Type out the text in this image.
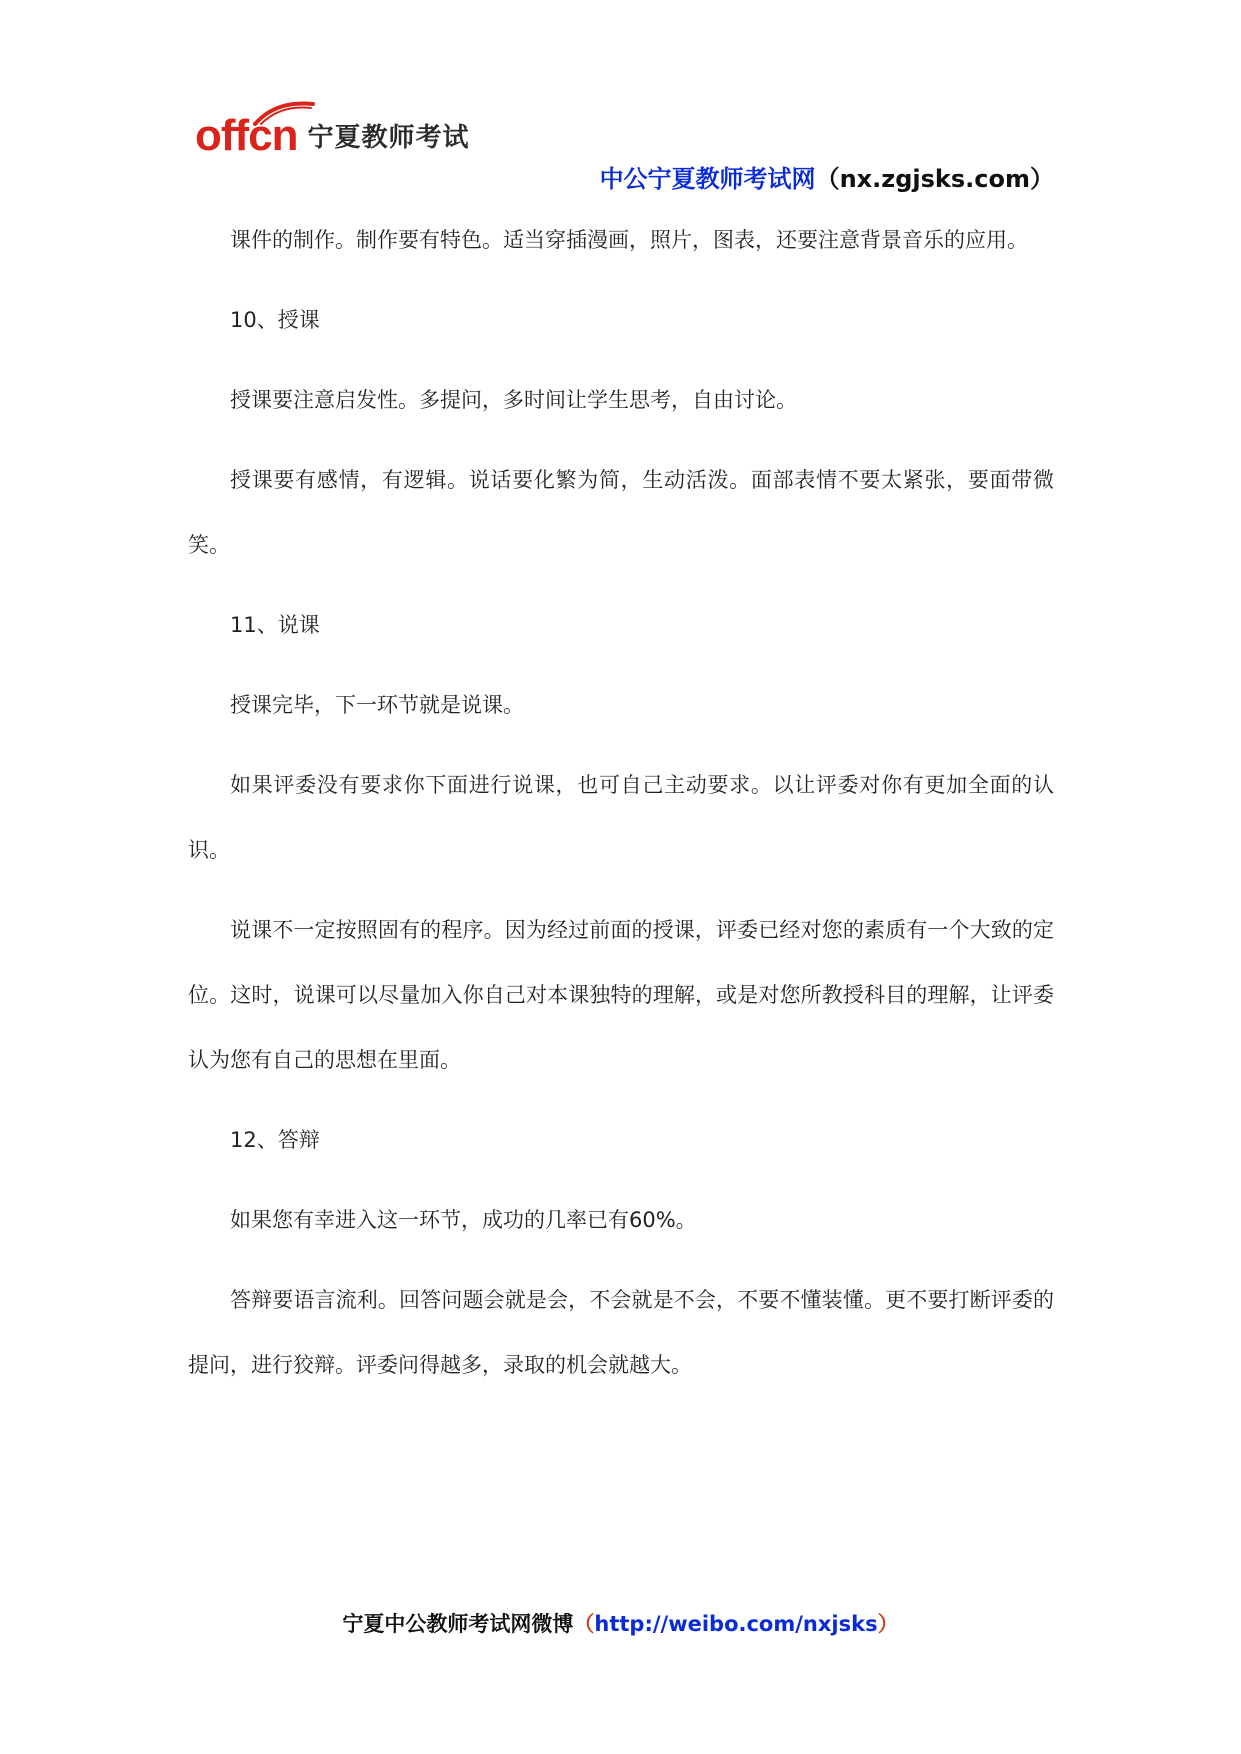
offcn 宁夏教师考试
中公宁夏教师考试网（nx.zgjsks.com）

课件的制作。制作要有特色。适当穿插漫画，照片，图表，还要注意背景音乐的应用。

10、授课

授课要注意启发性。多提问，多时间让学生思考，自由讨论。

授课要有感情，有逻辑。说话要化繁为简，生动活泼。面部表情不要太紧张，要面带微笑。

11、说课

授课完毕，下一环节就是说课。

如果评委没有要求你下面进行说课，也可自己主动要求。以让评委对你有更加全面的认识。

说课不一定按照固有的程序。因为经过前面的授课，评委已经对您的素质有一个大致的定位。这时，说课可以尽量加入你自己对本课独特的理解，或是对您所教授科目的理解，让评委认为您有自己的思想在里面。

12、答辩

如果您有幸进入这一环节，成功的几率已有60%。

答辩要语言流利。回答问题会就是会，不会就是不会，不要不懂装懂。更不要打断评委的提问，进行狡辩。评委问得越多，录取的机会就越大。

宁夏中公教师考试网微博（http://weibo.com/nxjsks）
